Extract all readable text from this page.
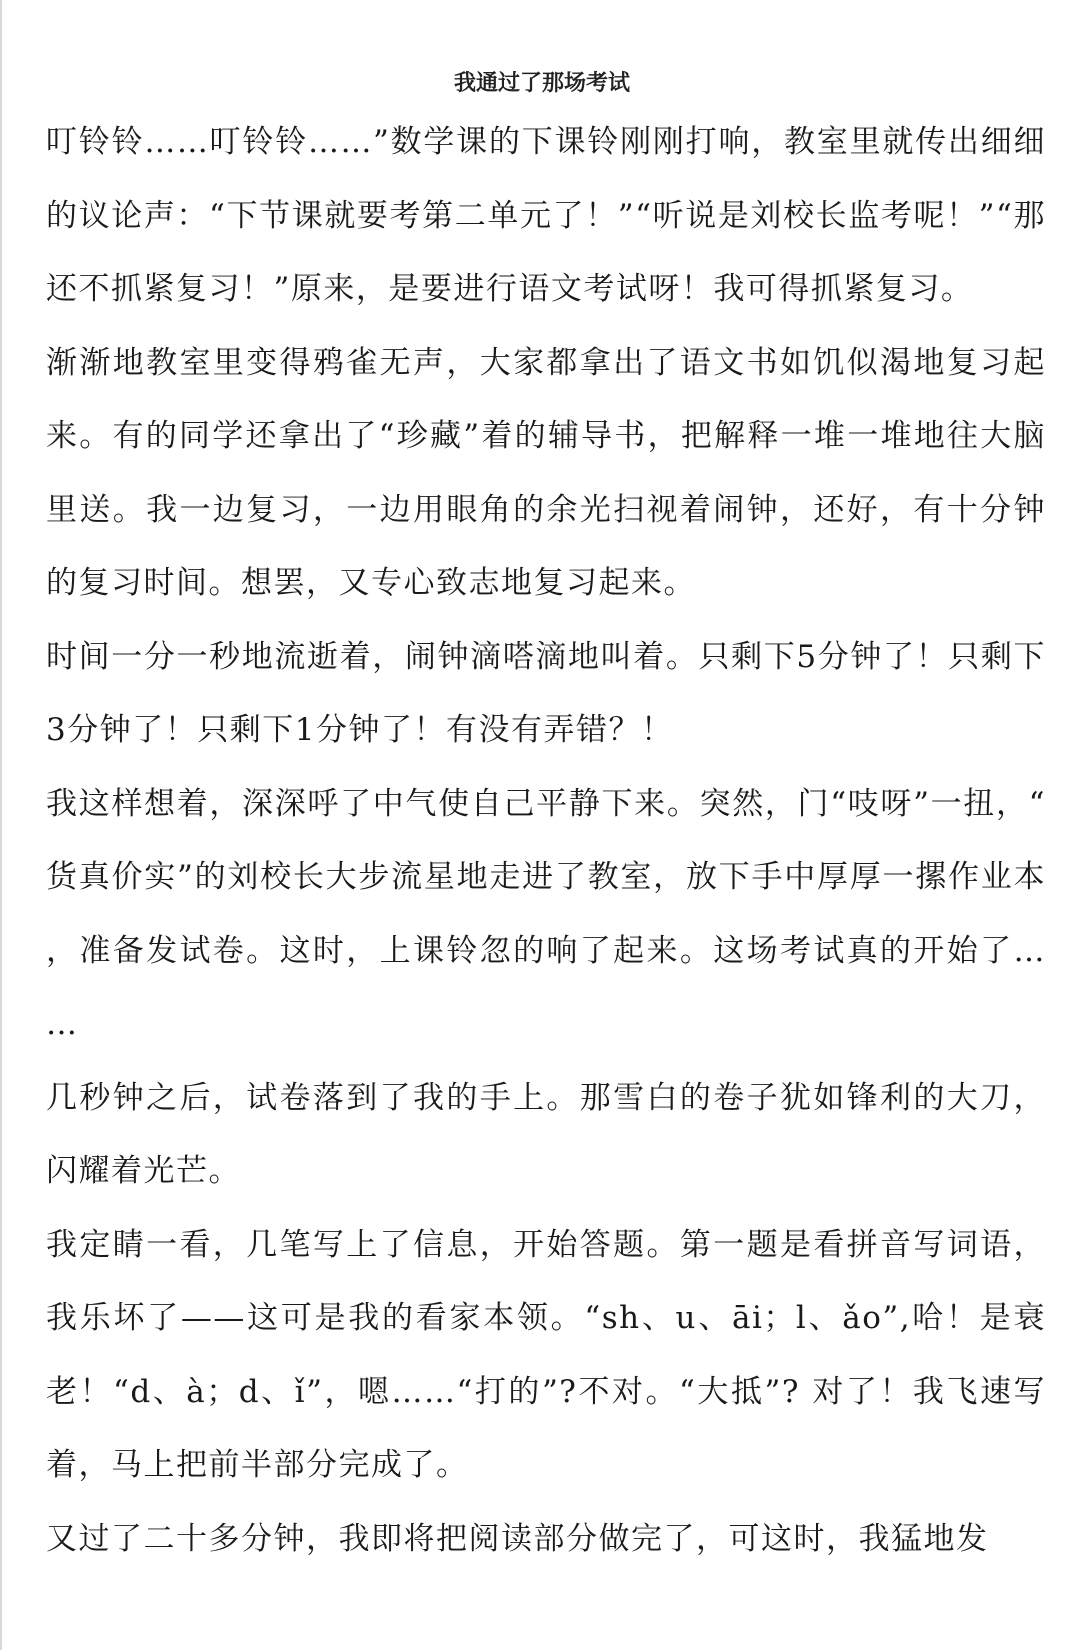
我通过了那场考试

叮铃铃……叮铃铃……”数学课的下课铃刚刚打响，教室里就传出细细的议论声：“下节课就要考第二单元了！”“听说是刘校长监考呢！”“那还不抓紧复习！”原来，是要进行语文考试呀！我可得抓紧复习。

渐渐地教室里变得鸦雀无声，大家都拿出了语文书如饥似渴地复习起来。有的同学还拿出了“珍藏”着的辅导书，把解释一堆一堆地往大脑里送。我一边复习，一边用眼角的余光扫视着闹钟，还好，有十分钟的复习时间。想罢，又专心致志地复习起来。

时间一分一秒地流逝着，闹钟滴嗒滴地叫着。只剩下5分钟了！只剩下3分钟了！只剩下1分钟了！有没有弄错？！

我这样想着，深深呼了中气使自己平静下来。突然，门“吱呀”一扭，“货真价实”的刘校长大步流星地走进了教室，放下手中厚厚一摞作业本，准备发试卷。这时，上课铃忽的响了起来。这场考试真的开始了……

几秒钟之后，试卷落到了我的手上。那雪白的卷子犹如锋利的大刀，闪耀着光芒。

我定睛一看，几笔写上了信息，开始答题。第一题是看拼音写词语，我乐坏了——这可是我的看家本领。“sh、u、āi；l、ǎo”,哈！是衰老！“d、à；d、ǐ”，嗯……“打的”?不对。“大抵”? 对了！我飞速写着，马上把前半部分完成了。

又过了二十多分钟，我即将把阅读部分做完了，可这时，我猛地发
